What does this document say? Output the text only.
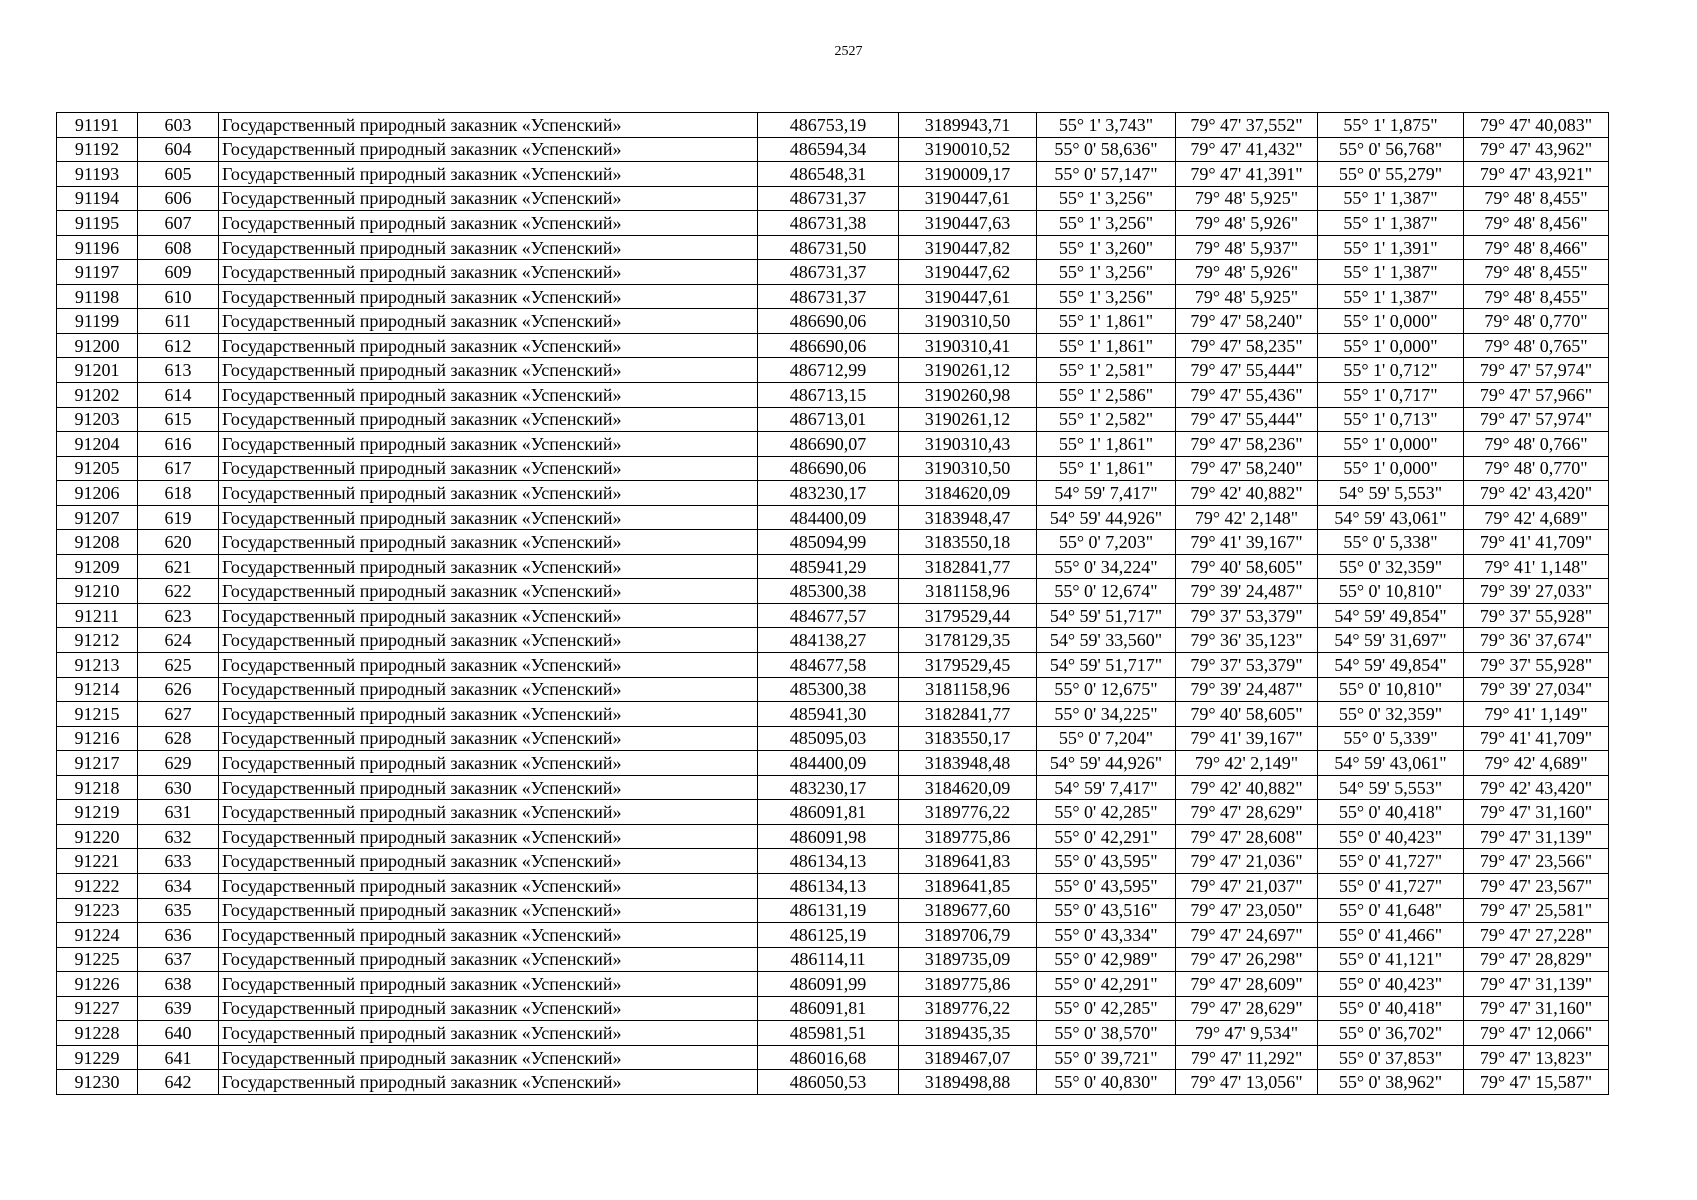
2527
91191	603	Государственный природный заказник «Успенский»	486753,19	3189943,71	55° 1' 3,743"	79° 47' 37,552"	55° 1' 1,875"	79° 47' 40,083"
91192	604	Государственный природный заказник «Успенский»	486594,34	3190010,52	55° 0' 58,636"	79° 47' 41,432"	55° 0' 56,768"	79° 47' 43,962"
91193	605	Государственный природный заказник «Успенский»	486548,31	3190009,17	55° 0' 57,147"	79° 47' 41,391"	55° 0' 55,279"	79° 47' 43,921"
91194	606	Государственный природный заказник «Успенский»	486731,37	3190447,61	55° 1' 3,256"	79° 48' 5,925"	55° 1' 1,387"	79° 48' 8,455"
91195	607	Государственный природный заказник «Успенский»	486731,38	3190447,63	55° 1' 3,256"	79° 48' 5,926"	55° 1' 1,387"	79° 48' 8,456"
91196	608	Государственный природный заказник «Успенский»	486731,50	3190447,82	55° 1' 3,260"	79° 48' 5,937"	55° 1' 1,391"	79° 48' 8,466"
91197	609	Государственный природный заказник «Успенский»	486731,37	3190447,62	55° 1' 3,256"	79° 48' 5,926"	55° 1' 1,387"	79° 48' 8,455"
91198	610	Государственный природный заказник «Успенский»	486731,37	3190447,61	55° 1' 3,256"	79° 48' 5,925"	55° 1' 1,387"	79° 48' 8,455"
91199	611	Государственный природный заказник «Успенский»	486690,06	3190310,50	55° 1' 1,861"	79° 47' 58,240"	55° 1' 0,000"	79° 48' 0,770"
91200	612	Государственный природный заказник «Успенский»	486690,06	3190310,41	55° 1' 1,861"	79° 47' 58,235"	55° 1' 0,000"	79° 48' 0,765"
91201	613	Государственный природный заказник «Успенский»	486712,99	3190261,12	55° 1' 2,581"	79° 47' 55,444"	55° 1' 0,712"	79° 47' 57,974"
91202	614	Государственный природный заказник «Успенский»	486713,15	3190260,98	55° 1' 2,586"	79° 47' 55,436"	55° 1' 0,717"	79° 47' 57,966"
91203	615	Государственный природный заказник «Успенский»	486713,01	3190261,12	55° 1' 2,582"	79° 47' 55,444"	55° 1' 0,713"	79° 47' 57,974"
91204	616	Государственный природный заказник «Успенский»	486690,07	3190310,43	55° 1' 1,861"	79° 47' 58,236"	55° 1' 0,000"	79° 48' 0,766"
91205	617	Государственный природный заказник «Успенский»	486690,06	3190310,50	55° 1' 1,861"	79° 47' 58,240"	55° 1' 0,000"	79° 48' 0,770"
91206	618	Государственный природный заказник «Успенский»	483230,17	3184620,09	54° 59' 7,417"	79° 42' 40,882"	54° 59' 5,553"	79° 42' 43,420"
91207	619	Государственный природный заказник «Успенский»	484400,09	3183948,47	54° 59' 44,926"	79° 42' 2,148"	54° 59' 43,061"	79° 42' 4,689"
91208	620	Государственный природный заказник «Успенский»	485094,99	3183550,18	55° 0' 7,203"	79° 41' 39,167"	55° 0' 5,338"	79° 41' 41,709"
91209	621	Государственный природный заказник «Успенский»	485941,29	3182841,77	55° 0' 34,224"	79° 40' 58,605"	55° 0' 32,359"	79° 41' 1,148"
91210	622	Государственный природный заказник «Успенский»	485300,38	3181158,96	55° 0' 12,674"	79° 39' 24,487"	55° 0' 10,810"	79° 39' 27,033"
91211	623	Государственный природный заказник «Успенский»	484677,57	3179529,44	54° 59' 51,717"	79° 37' 53,379"	54° 59' 49,854"	79° 37' 55,928"
91212	624	Государственный природный заказник «Успенский»	484138,27	3178129,35	54° 59' 33,560"	79° 36' 35,123"	54° 59' 31,697"	79° 36' 37,674"
91213	625	Государственный природный заказник «Успенский»	484677,58	3179529,45	54° 59' 51,717"	79° 37' 53,379"	54° 59' 49,854"	79° 37' 55,928"
91214	626	Государственный природный заказник «Успенский»	485300,38	3181158,96	55° 0' 12,675"	79° 39' 24,487"	55° 0' 10,810"	79° 39' 27,034"
91215	627	Государственный природный заказник «Успенский»	485941,30	3182841,77	55° 0' 34,225"	79° 40' 58,605"	55° 0' 32,359"	79° 41' 1,149"
91216	628	Государственный природный заказник «Успенский»	485095,03	3183550,17	55° 0' 7,204"	79° 41' 39,167"	55° 0' 5,339"	79° 41' 41,709"
91217	629	Государственный природный заказник «Успенский»	484400,09	3183948,48	54° 59' 44,926"	79° 42' 2,149"	54° 59' 43,061"	79° 42' 4,689"
91218	630	Государственный природный заказник «Успенский»	483230,17	3184620,09	54° 59' 7,417"	79° 42' 40,882"	54° 59' 5,553"	79° 42' 43,420"
91219	631	Государственный природный заказник «Успенский»	486091,81	3189776,22	55° 0' 42,285"	79° 47' 28,629"	55° 0' 40,418"	79° 47' 31,160"
91220	632	Государственный природный заказник «Успенский»	486091,98	3189775,86	55° 0' 42,291"	79° 47' 28,608"	55° 0' 40,423"	79° 47' 31,139"
91221	633	Государственный природный заказник «Успенский»	486134,13	3189641,83	55° 0' 43,595"	79° 47' 21,036"	55° 0' 41,727"	79° 47' 23,566"
91222	634	Государственный природный заказник «Успенский»	486134,13	3189641,85	55° 0' 43,595"	79° 47' 21,037"	55° 0' 41,727"	79° 47' 23,567"
91223	635	Государственный природный заказник «Успенский»	486131,19	3189677,60	55° 0' 43,516"	79° 47' 23,050"	55° 0' 41,648"	79° 47' 25,581"
91224	636	Государственный природный заказник «Успенский»	486125,19	3189706,79	55° 0' 43,334"	79° 47' 24,697"	55° 0' 41,466"	79° 47' 27,228"
91225	637	Государственный природный заказник «Успенский»	486114,11	3189735,09	55° 0' 42,989"	79° 47' 26,298"	55° 0' 41,121"	79° 47' 28,829"
91226	638	Государственный природный заказник «Успенский»	486091,99	3189775,86	55° 0' 42,291"	79° 47' 28,609"	55° 0' 40,423"	79° 47' 31,139"
91227	639	Государственный природный заказник «Успенский»	486091,81	3189776,22	55° 0' 42,285"	79° 47' 28,629"	55° 0' 40,418"	79° 47' 31,160"
91228	640	Государственный природный заказник «Успенский»	485981,51	3189435,35	55° 0' 38,570"	79° 47' 9,534"	55° 0' 36,702"	79° 47' 12,066"
91229	641	Государственный природный заказник «Успенский»	486016,68	3189467,07	55° 0' 39,721"	79° 47' 11,292"	55° 0' 37,853"	79° 47' 13,823"
91230	642	Государственный природный заказник «Успенский»	486050,53	3189498,88	55° 0' 40,830"	79° 47' 13,056"	55° 0' 38,962"	79° 47' 15,587"
